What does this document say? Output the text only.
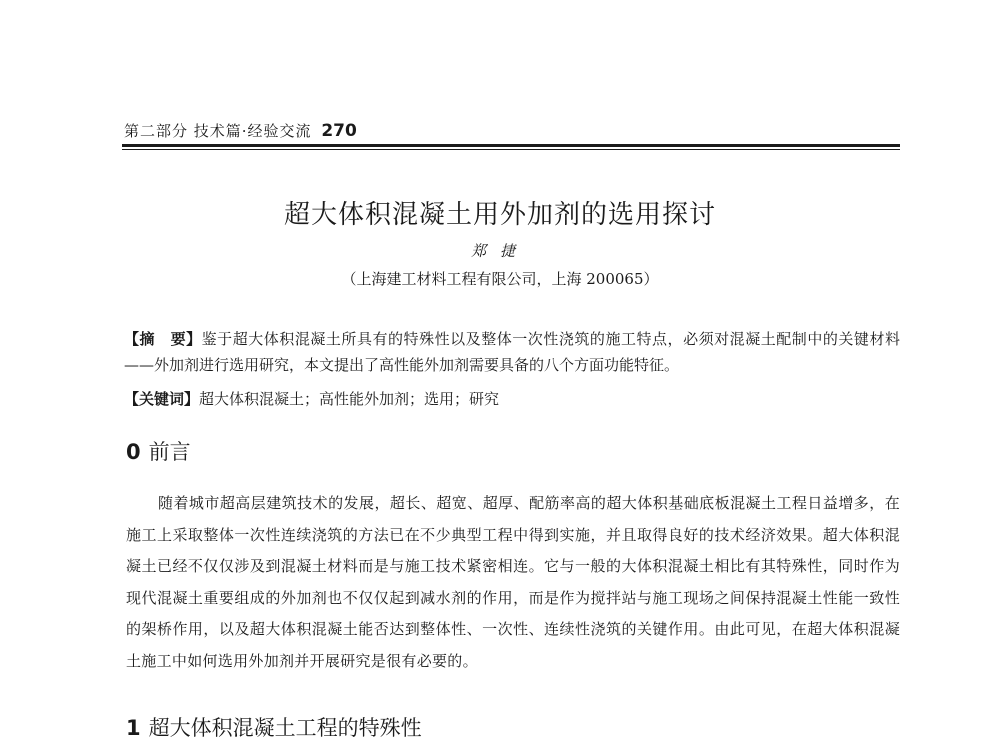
第二部分 技术篇·经验交流 270
超大体积混凝土用外加剂的选用探讨
郑捷
（上海建工材料工程有限公司，上海 200065）
【摘　要】鉴于超大体积混凝土所具有的特殊性以及整体一次性浇筑的施工特点，必须对混凝土配制中的关键材料——外加剂进行选用研究，本文提出了高性能外加剂需要具备的八个方面功能特征。
【关键词】超大体积混凝土；高性能外加剂；选用；研究
0 前言
随着城市超高层建筑技术的发展，超长、超宽、超厚、配筋率高的超大体积基础底板混凝土工程日益增多，在施工上采取整体一次性连续浇筑的方法已在不少典型工程中得到实施，并且取得良好的技术经济效果。超大体积混凝土已经不仅仅涉及到混凝土材料而是与施工技术紧密相连。它与一般的大体积混凝土相比有其特殊性，同时作为现代混凝土重要组成的外加剂也不仅仅起到减水剂的作用，而是作为搅拌站与施工现场之间保持混凝土性能一致性的架桥作用，以及超大体积混凝土能否达到整体性、一次性、连续性浇筑的关键作用。由此可见，在超大体积混凝土施工中如何选用外加剂并开展研究是很有必要的。
1 超大体积混凝土工程的特殊性
